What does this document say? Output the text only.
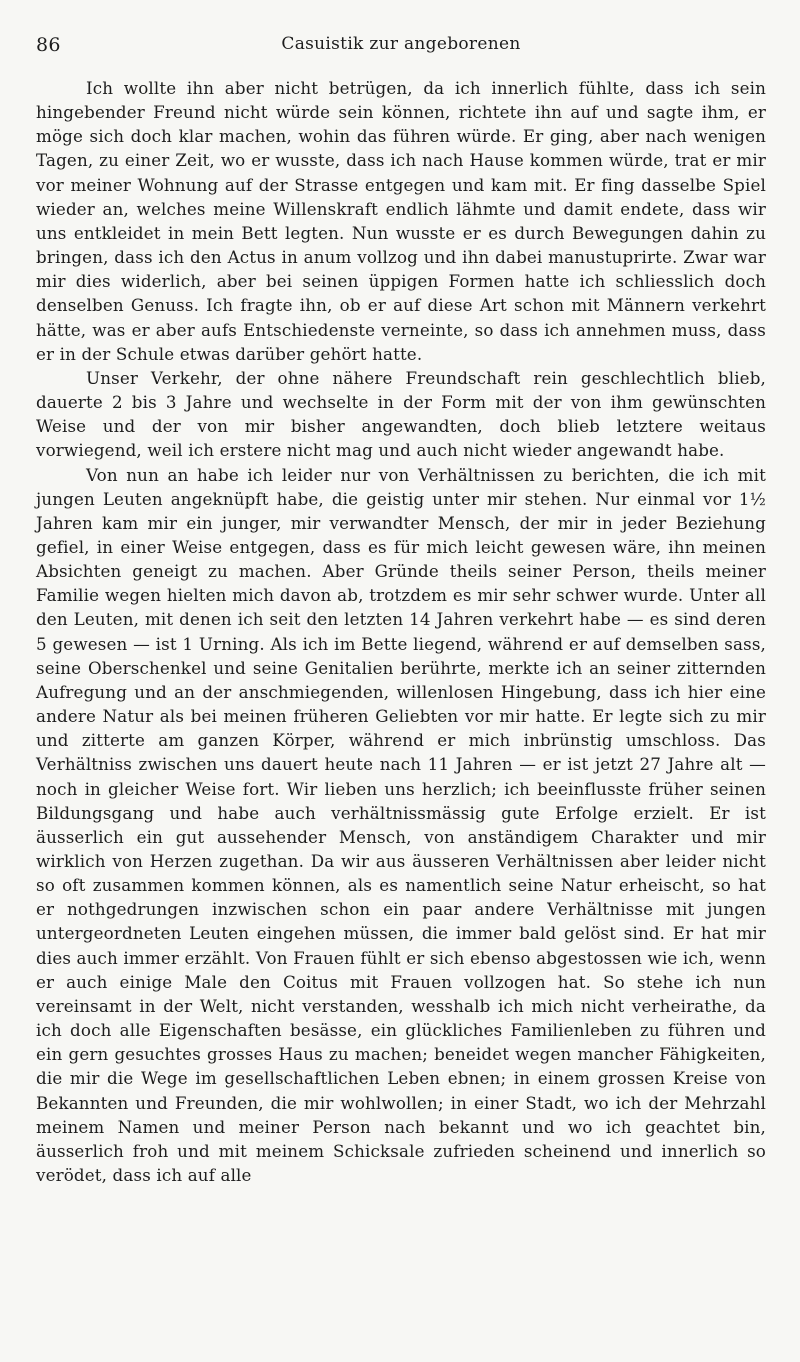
86	Casuistik zur angeborenen

Ich wollte ihn aber nicht betrügen, da ich innerlich fühlte, dass ich sein hingebender Freund nicht würde sein können, richtete ihn auf und sagte ihm, er möge sich doch klar machen, wohin das führen würde. Er ging, aber nach wenigen Tagen, zu einer Zeit, wo er wusste, dass ich nach Hause kommen würde, trat er mir vor meiner Wohnung auf der Strasse entgegen und kam mit. Er fing dasselbe Spiel wieder an, welches meine Willenskraft endlich lähmte und damit endete, dass wir uns entkleidet in mein Bett legten. Nun wusste er es durch Bewegungen dahin zu bringen, dass ich den Actus in anum vollzog und ihn dabei manustuprirte. Zwar war mir dies widerlich, aber bei seinen üppigen Formen hatte ich schliesslich doch denselben Genuss. Ich fragte ihn, ob er auf diese Art schon mit Männern verkehrt hätte, was er aber aufs Entschiedenste verneinte, so dass ich annehmen muss, dass er in der Schule etwas darüber gehört hatte.

Unser Verkehr, der ohne nähere Freundschaft rein geschlechtlich blieb, dauerte 2 bis 3 Jahre und wechselte in der Form mit der von ihm gewünschten Weise und der von mir bisher angewandten, doch blieb letztere weitaus vorwiegend, weil ich erstere nicht mag und auch nicht wieder angewandt habe.

Von nun an habe ich leider nur von Verhältnissen zu berichten, die ich mit jungen Leuten angeknüpft habe, die geistig unter mir stehen. Nur einmal vor 1½ Jahren kam mir ein junger, mir verwandter Mensch, der mir in jeder Beziehung gefiel, in einer Weise entgegen, dass es für mich leicht gewesen wäre, ihn meinen Absichten geneigt zu machen. Aber Gründe theils seiner Person, theils meiner Familie wegen hielten mich davon ab, trotzdem es mir sehr schwer wurde. Unter all den Leuten, mit denen ich seit den letzten 14 Jahren verkehrt habe — es sind deren 5 gewesen — ist 1 Urning. Als ich im Bette liegend, während er auf demselben sass, seine Oberschenkel und seine Genitalien berührte, merkte ich an seiner zitternden Aufregung und an der anschmiegenden, willenlosen Hingebung, dass ich hier eine andere Natur als bei meinen früheren Geliebten vor mir hatte. Er legte sich zu mir und zitterte am ganzen Körper, während er mich inbrünstig umschloss. Das Verhältniss zwischen uns dauert heute nach 11 Jahren — er ist jetzt 27 Jahre alt — noch in gleicher Weise fort. Wir lieben uns herzlich; ich beeinflusste früher seinen Bildungsgang und habe auch verhältnissmässig gute Erfolge erzielt. Er ist äusserlich ein gut aussehender Mensch, von anständigem Charakter und mir wirklich von Herzen zugethan. Da wir aus äusseren Verhältnissen aber leider nicht so oft zusammen kommen können, als es namentlich seine Natur erheischt, so hat er nothgedrungen inzwischen schon ein paar andere Verhältnisse mit jungen untergeordneten Leuten eingehen müssen, die immer bald gelöst sind. Er hat mir dies auch immer erzählt. Von Frauen fühlt er sich ebenso abgestossen wie ich, wenn er auch einige Male den Coitus mit Frauen vollzogen hat. So stehe ich nun vereinsamt in der Welt, nicht verstanden, wesshalb ich mich nicht verheirathe, da ich doch alle Eigenschaften besässe, ein glückliches Familienleben zu führen und ein gern gesuchtes grosses Haus zu machen; beneidet wegen mancher Fähigkeiten, die mir die Wege im gesellschaftlichen Leben ebnen; in einem grossen Kreise von Bekannten und Freunden, die mir wohlwollen; in einer Stadt, wo ich der Mehrzahl meinem Namen und meiner Person nach bekannt und wo ich geachtet bin, äusserlich froh und mit meinem Schicksale zufrieden scheinend und innerlich so verödet, dass ich auf alle
